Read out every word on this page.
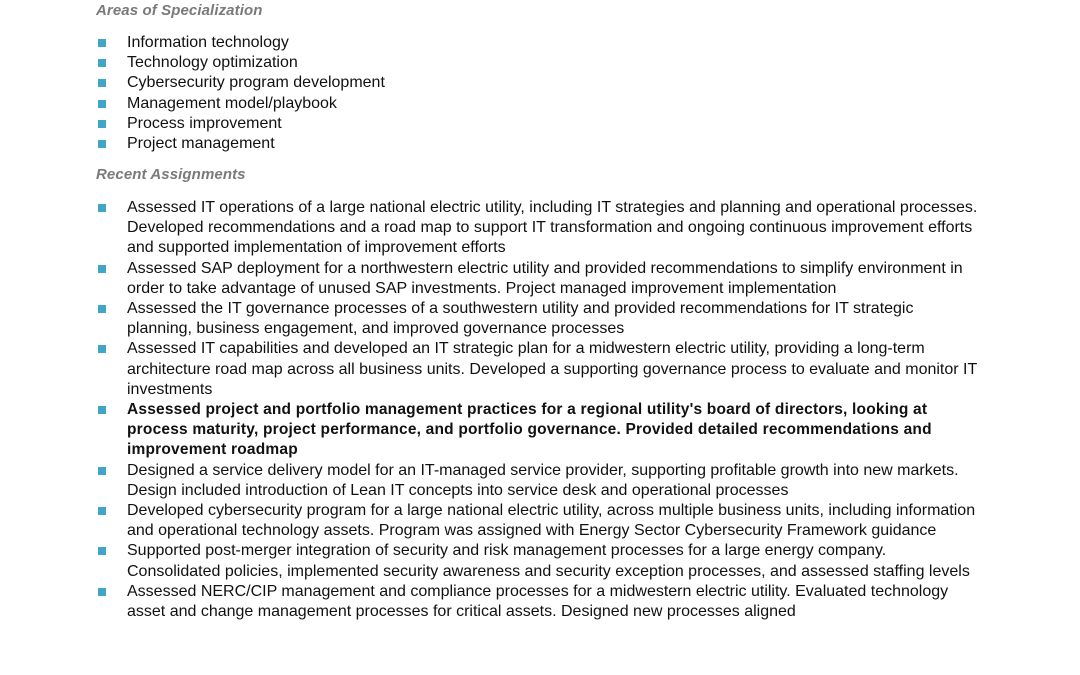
Areas of Specialization
Information technology
Technology optimization
Cybersecurity program development
Management model/playbook
Process improvement
Project management
Recent Assignments
Assessed IT operations of a large national electric utility, including IT strategies and planning and operational processes. Developed recommendations and a road map to support IT transformation and ongoing continuous improvement efforts and supported implementation of improvement efforts
Assessed SAP deployment for a northwestern electric utility and provided recommendations to simplify environment in order to take advantage of unused SAP investments. Project managed improvement implementation
Assessed the IT governance processes of a southwestern utility and provided recommendations for IT strategic planning, business engagement, and improved governance processes
Assessed IT capabilities and developed an IT strategic plan for a midwestern electric utility, providing a long-term architecture road map across all business units. Developed a supporting governance process to evaluate and monitor IT investments
Assessed project and portfolio management practices for a regional utility's board of directors, looking at process maturity, project performance, and portfolio governance. Provided detailed recommendations and improvement roadmap
Designed a service delivery model for an IT-managed service provider, supporting profitable growth into new markets. Design included introduction of Lean IT concepts into service desk and operational processes
Developed cybersecurity program for a large national electric utility, across multiple business units, including information and operational technology assets. Program was assigned with Energy Sector Cybersecurity Framework guidance
Supported post-merger integration of security and risk management processes for a large energy company. Consolidated policies, implemented security awareness and security exception processes, and assessed staffing levels
Assessed NERC/CIP management and compliance processes for a midwestern electric utility. Evaluated technology asset and change management processes for critical assets. Designed new processes aligned
